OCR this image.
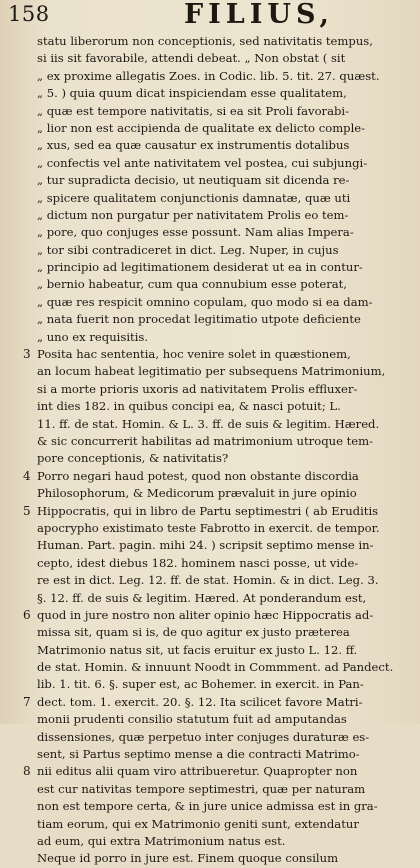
158	FILIUS,
statu liberorum non conceptionis, sed nativitatis tempus,
si iis sit favorabile, attendi debeat. „ Non obstat ( sit
„ ex proxime allegatis Zoes. in Codic. lib. 5. tit. 27. quæst.
„ 5. ) quia quum dicat inspiciendam esse qualitatem,
„ quæ est tempore nativitatis, si ea sit Proli favorabi-
„ lior non est accipienda de qualitate ex delicto comple-
„ xus, sed ea quæ causatur ex instrumentis dotalibus
„ confectis vel ante nativitatem vel postea, cui subjungi-
„ tur supradicta decisio, ut neutiquam sit dicenda re-
„ spicere qualitatem conjunctionis damnatæ, quæ uti
„ dictum non purgatur per nativitatem Prolis eo tem-
„ pore, quo conjuges esse possunt. Nam alias Impera-
„ tor sibi contradiceret in dict. Leg. Nuper, in cujus
„ principio ad legitimationem desiderat ut ea in contur-
„ bernio habeatur, cum qua connubium esse poterat,
„ quæ res respicit omnino copulam, quo modo si ea dam-
„ nata fuerit non procedat legitimatio utpote deficiente
„ uno ex requisitis.
3 Posita hac sententia, hoc venire solet in quæstionem,
an locum habeat legitimatio per subsequens Matrimonium,
si a morte prioris uxoris ad nativitatem Prolis effluxer-
int dies 182. in quibus concipi ea, & nasci potuit; L.
11. ff. de stat. Homin. & L. 3. ff. de suis & legitim. Hæred.
& sic concurrerit habilitas ad matrimonium utroque tem-
pore conceptionis, & nativitatis?
4 Porro negari haud potest, quod non obstante discordia
Philosophorum, & Medicorum prævaluit in jure opinio
5 Hippocratis, qui in libro de Partu septimestri ( ab Eruditis
apocrypho existimato teste Fabrotto in exercit. de tempor.
Human. Part. pagin. mihi 24. ) scripsit septimo mense in-
cepto, idest diebus 182. hominem nasci posse, ut vide-
re est in dict. Leg. 12. ff. de stat. Homin. & in dict. Leg. 3.
§. 12. ff. de suis & legitim. Hæred. At ponderandum est,
6 quod in jure nostro non aliter opinio hæc Hippocratis ad-
missa sit, quam si is, de quo agitur ex justo præterea
Matrimonio natus sit, ut facis eruitur ex justo L. 12. ff.
de stat. Homin. & innuunt Noodt in Commment. ad Pandect.
lib. 1. tit. 6. §. super est, ac Bohemer. in exercit. in Pan-
7 dect. tom. 1. exercit. 20. §. 12. Ita scilicet favore Matri-
monii prudenti consilio statutum fuit ad amputandas
dissensiones, quæ perpetuo inter conjuges duraturæ es-
sent, si Partus septimo mense a die contracti Matrimo-
8 nii editus alii quam viro attribueretur. Quapropter non
est cur nativitas tempore septimestri, quæ per naturam
non est tempore certa, & in jure unice admissa est in gra-
tiam eorum, qui ex Matrimonio geniti sunt, extendatur
ad eum, qui extra Matrimonium natus est.
Neque id porro in jure est. Finem quoque consilum
